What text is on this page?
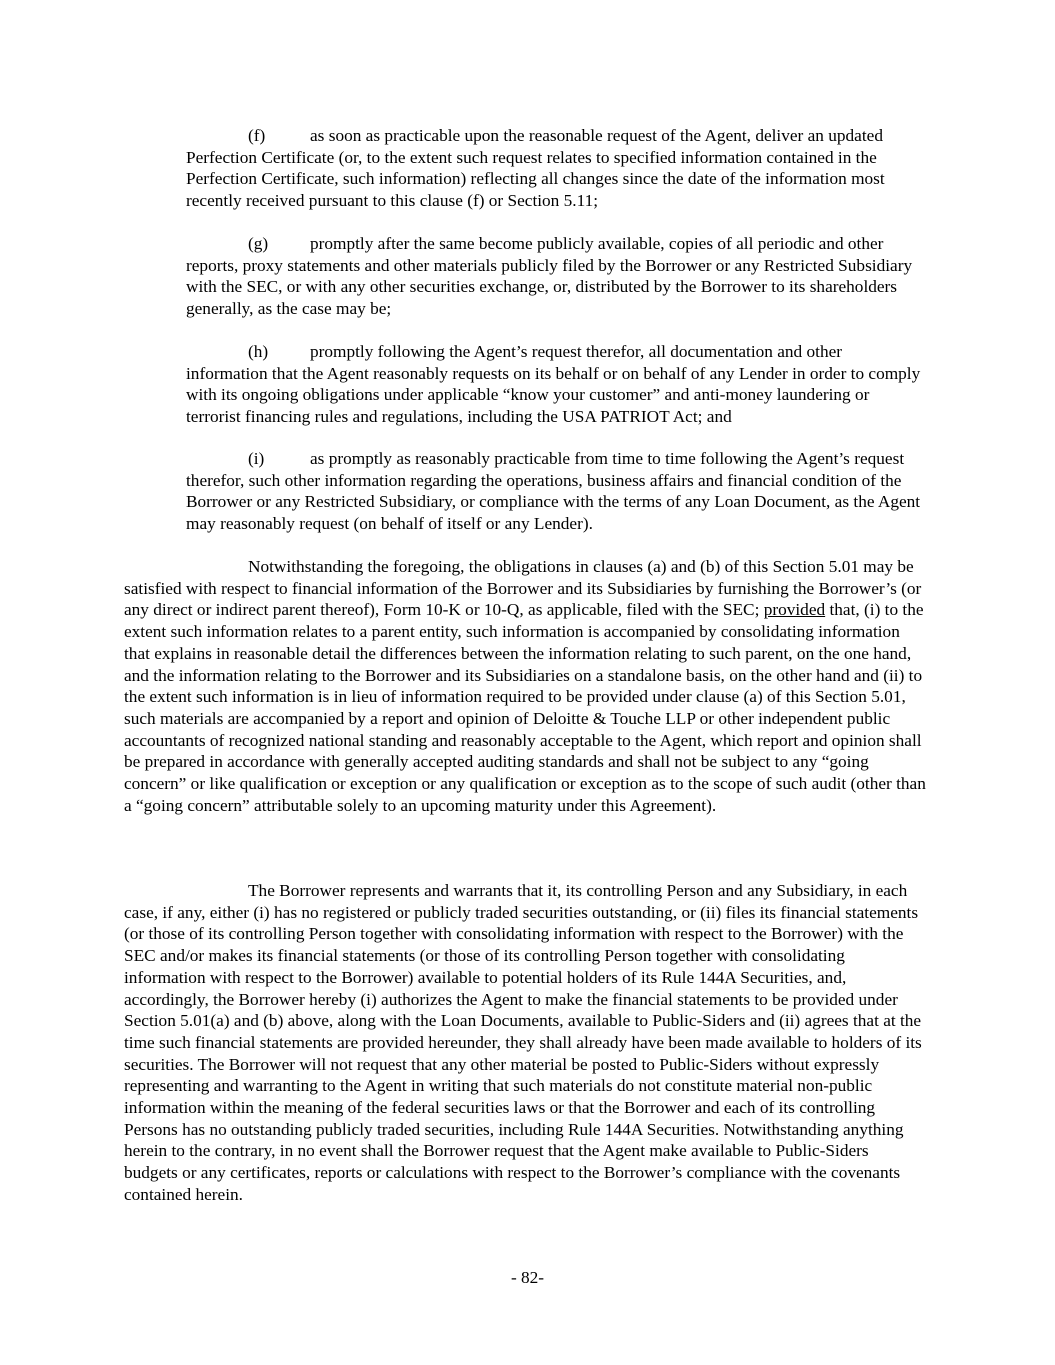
(f)	as soon as practicable upon the reasonable request of the Agent, deliver an updated Perfection Certificate (or, to the extent such request relates to specified information contained in the Perfection Certificate, such information) reflecting all changes since the date of the information most recently received pursuant to this clause (f) or Section 5.11;

(g) promptly after the same become publicly available, copies of all periodic and other reports, proxy statements and other materials publicly filed by the Borrower or any Restricted Subsidiary with the SEC, or with any other securities exchange, or, distributed by the Borrower to its shareholders generally, as the case may be;

(h) promptly following the Agent’s request therefor, all documentation and other information that the Agent reasonably requests on its behalf or on behalf of any Lender in order to comply with its ongoing obligations under applicable “know your customer” and anti-money laundering or terrorist financing rules and regulations, including the USA PATRIOT Act; and

(i)	as promptly as reasonably practicable from time to time following the Agent’s request therefor, such other information regarding the operations, business affairs and financial condition of the Borrower or any Restricted Subsidiary, or compliance with the terms of any Loan Document, as the Agent may reasonably request (on behalf of itself or any Lender).

Notwithstanding the foregoing, the obligations in clauses (a) and (b) of this Section 5.01 may be satisfied with respect to financial information of the Borrower and its Subsidiaries by furnishing the Borrower’s (or any direct or indirect parent thereof), Form 10-K or 10-Q, as applicable, filed with the SEC; provided that, (i) to the extent such information relates to a parent entity, such information is accompanied by consolidating information that explains in reasonable detail the differences between the information relating to such parent, on the one hand, and the information relating to the Borrower and its Subsidiaries on a standalone basis, on the other hand and (ii) to the extent such information is in lieu of information required to be provided under clause (a) of this Section 5.01, such materials are accompanied by a report and opinion of Deloitte & Touche LLP or other independent public accountants of recognized national standing and reasonably acceptable to the Agent, which report and opinion shall be prepared in accordance with generally accepted auditing standards and shall not be subject to any “going concern” or like qualification or exception or any qualification or exception as to the scope of such audit (other than a “going concern” attributable solely to an upcoming maturity under this Agreement).

The Borrower represents and warrants that it, its controlling Person and any Subsidiary, in each case, if any, either (i) has no registered or publicly traded securities outstanding, or (ii) files its financial statements (or those of its controlling Person together with consolidating information with respect to the Borrower) with the SEC and/or makes its financial statements (or those of its controlling Person together with consolidating information with respect to the Borrower) available to potential holders of its Rule 144A Securities, and, accordingly, the Borrower hereby (i) authorizes the Agent to make the financial statements to be provided under Section 5.01(a) and (b) above, along with the Loan Documents, available to Public-Siders and (ii) agrees that at the time such financial statements are provided hereunder, they shall already have been made available to holders of its securities. The Borrower will not request that any other material be posted to Public-Siders without expressly representing and warranting to the Agent in writing that such materials do not constitute material non-public information within the meaning of the federal securities laws or that the Borrower and each of its controlling Persons has no outstanding publicly traded securities, including Rule 144A Securities. Notwithstanding anything herein to the contrary, in no event shall the Borrower request that the Agent make available to Public-Siders budgets or any certificates, reports or calculations with respect to the Borrower’s compliance with the covenants contained herein.

- 82-
